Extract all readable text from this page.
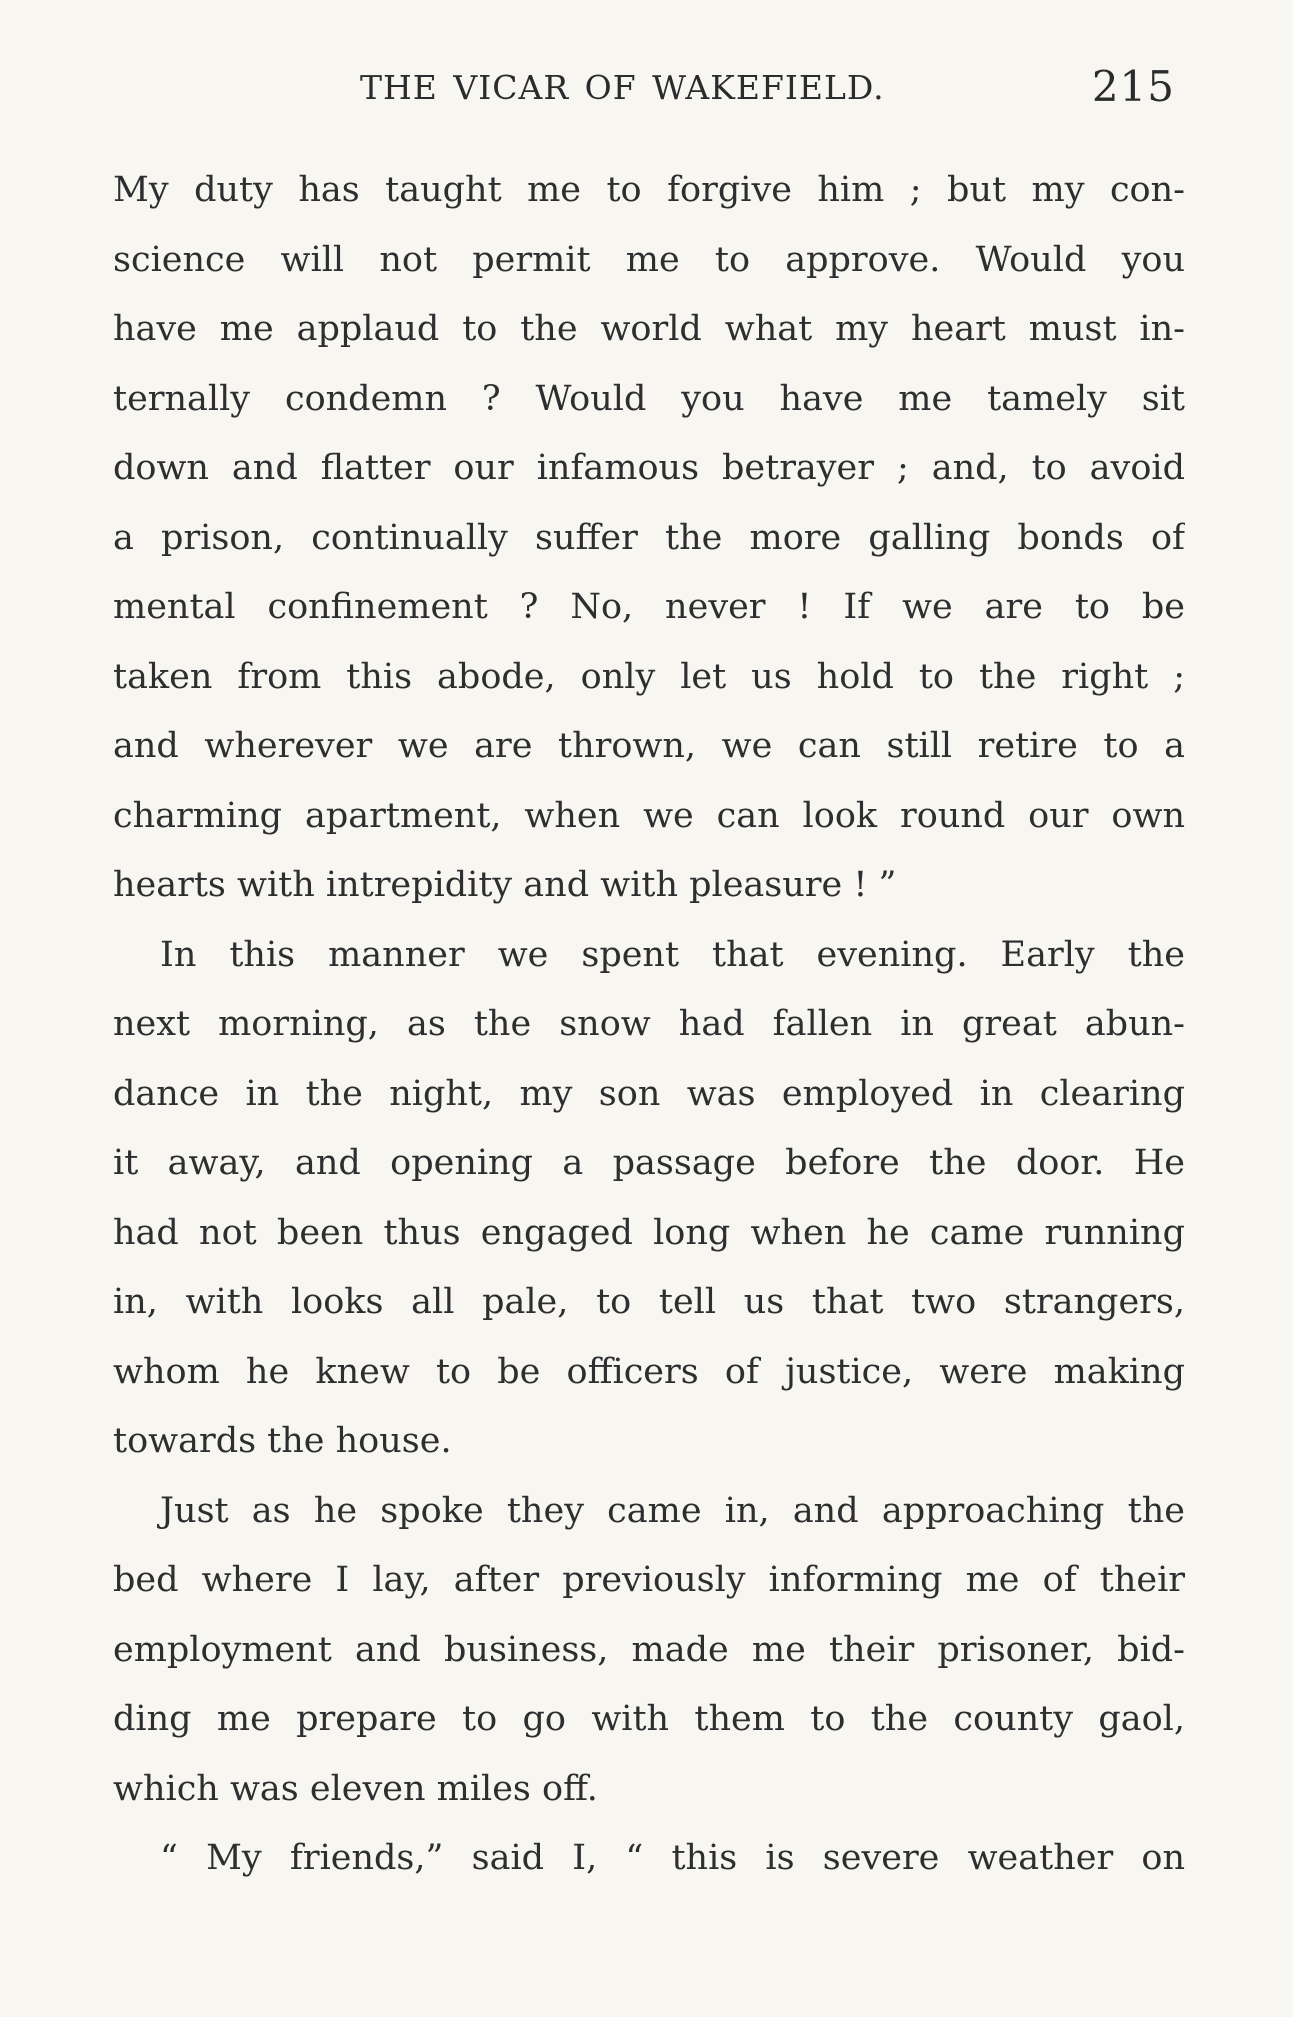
THE VICAR OF WAKEFIELD.	215
My duty has taught me to forgive him ; but my con-
science will not permit me to approve. Would you
have me applaud to the world what my heart must in-
ternally condemn ? Would you have me tamely sit
down and flatter our infamous betrayer ; and, to avoid
a prison, continually suffer the more galling bonds of
mental confinement ? No, never ! If we are to be
taken from this abode, only let us hold to the right ;
and wherever we are thrown, we can still retire to a
charming apartment, when we can look round our own
hearts with intrepidity and with pleasure ! ”
In this manner we spent that evening. Early the
next morning, as the snow had fallen in great abun-
dance in the night, my son was employed in clearing
it away, and opening a passage before the door. He
had not been thus engaged long when he came running
in, with looks all pale, to tell us that two strangers,
whom he knew to be officers of justice, were making
towards the house.
Just as he spoke they came in, and approaching the
bed where I lay, after previously informing me of their
employment and business, made me their prisoner, bid-
ding me prepare to go with them to the county gaol,
which was eleven miles off.
“ My friends,” said I, “ this is severe weather on
